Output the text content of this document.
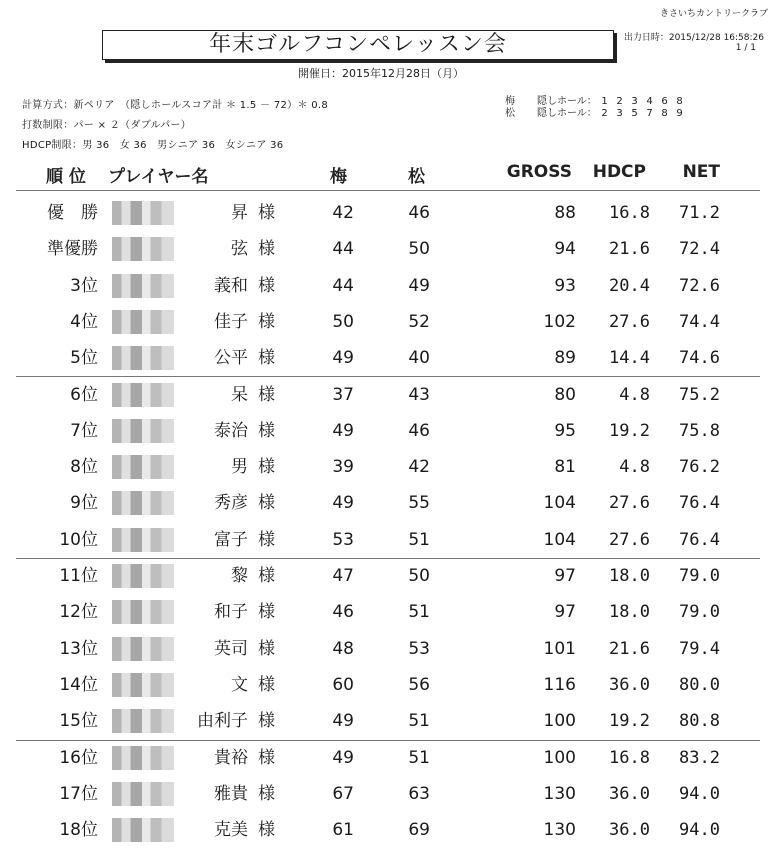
きさいちカントリークラブ
年末ゴルフコンペレッスン会	出力日時：2015/12/28 16:58:26
1 / 1
開催日：2015年12月28日（月）
計算方式：新ペリア　（隠しホールスコア計 ＊ 1.5 － 72）＊ 0.8
打数制限：パー × ２（ダブルパー）
HDCP制限：男 36　女 36　男シニア 36　女シニア 36
梅 隠しホール： 1 2 3 4 6 8
松 隠しホール： 2 3 5 7 8 9
順 位 プレイヤー名	梅	松	GROSS	HDCP	NET
優　勝	昇 様	42	46	88	16.8	71.2
準優勝	弦 様	44	50	94	21.6	72.4
3位	義和 様	44	49	93	20.4	72.6
4位	佳子 様	50	52	102	27.6	74.4
5位	公平 様	49	40	89	14.4	74.6
6位	呆 様	37	43	80	4.8	75.2
7位	泰治 様	49	46	95	19.2	75.8
8位	男 様	39	42	81	4.8	76.2
9位	秀彦 様	49	55	104	27.6	76.4
10位	富子 様	53	51	104	27.6	76.4
11位	黎 様	47	50	97	18.0	79.0
12位	和子 様	46	51	97	18.0	79.0
13位	英司 様	48	53	101	21.6	79.4
14位	文 様	60	56	116	36.0	80.0
15位	由利子 様	49	51	100	19.2	80.8
16位	貴裕 様	49	51	100	16.8	83.2
17位	雅貴 様	67	63	130	36.0	94.0
18位	克美 様	61	69	130	36.0	94.0
